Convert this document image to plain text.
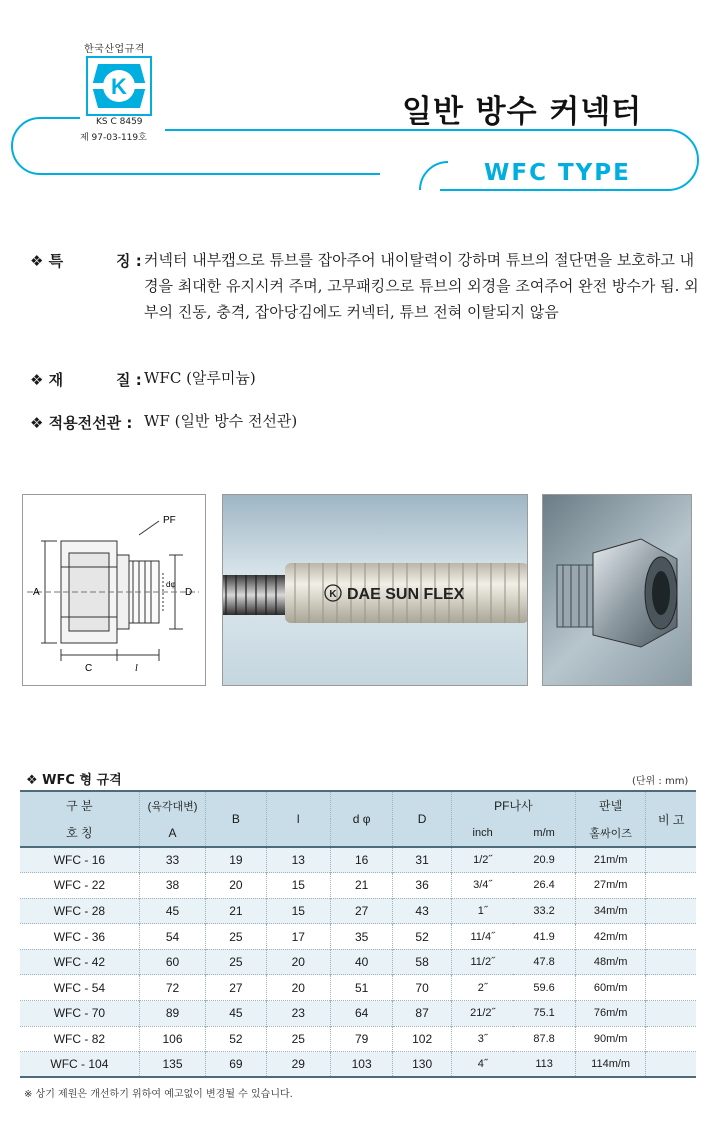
한국산업규격
K
KS C 8459
제 97-03-119호
일반 방수 커넥터
WFC TYPE
❖ 특	징 : 커넥터 내부캡으로 튜브를 잡아주어 내이탈력이 강하며 튜브의 절단면을 보호하고 내경을 최대한 유지시켜 주며, 고무패킹으로 튜브의 외경을 조여주어 완전 방수가 됨. 외부의 진동, 충격, 잡아당김에도 커넥터, 튜브 전혀 이탈되지 않음
❖ 재	질 : WFC (알루미늄)
❖ 적용전선관 : WF (일반 방수 전선관)
PF
A	D
dφ
C	l
K DAE SUN FLEX
❖ WFC 형 규격	(단위 : mm)
구 분	(육각대변)	B	l	d φ	D	PF나사		판넬	비 고
호 칭	A					inch	m/m	홀싸이즈	
WFC - 16	33	19	13	16	31	1/2˝	20.9	21m/m	
WFC - 22	38	20	15	21	36	3/4˝	26.4	27m/m	
WFC - 28	45	21	15	27	43	1˝	33.2	34m/m	
WFC - 36	54	25	17	35	52	11/4˝	41.9	42m/m	
WFC - 42	60	25	20	40	58	11/2˝	47.8	48m/m	
WFC - 54	72	27	20	51	70	2˝	59.6	60m/m	
WFC - 70	89	45	23	64	87	21/2˝	75.1	76m/m	
WFC - 82	106	52	25	79	102	3˝	87.8	90m/m	
WFC - 104	135	69	29	103	130	4˝	113	114m/m	
※ 상기 제원은 개선하기 위하여 예고없이 변경될 수 있습니다.
